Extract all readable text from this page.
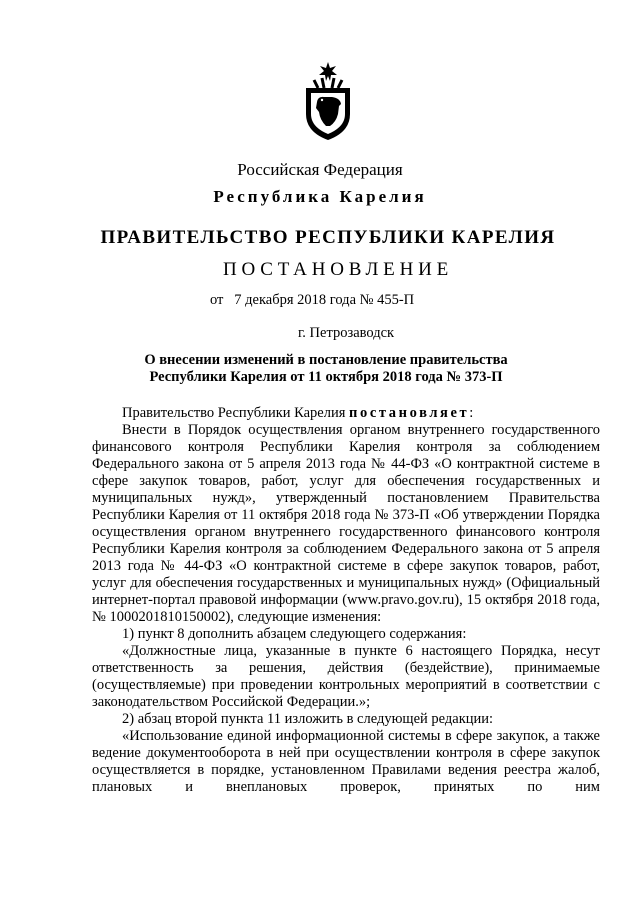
Российская Федерация
Республика Карелия
ПРАВИТЕЛЬСТВО РЕСПУБЛИКИ КАРЕЛИЯ
ПОСТАНОВЛЕНИЕ
от   7 декабря 2018 года № 455-П
г. Петрозаводск
О внесении изменений в постановление правительства
Республики Карелия от 11 октября 2018 года № 373-П

Правительство Республики Карелия постановляет:

Внести в Порядок осуществления органом внутреннего государственного финансового контроля Республики Карелия контроля за соблюдением Федерального закона от 5 апреля 2013 года № 44-ФЗ «О контрактной системе в сфере закупок товаров, работ, услуг для обеспечения государственных и муниципальных нужд», утвержденный постановлением Правительства Республики Карелия от 11 октября 2018 года № 373-П «Об утверждении Порядка осуществления органом внутреннего государственного финансового контроля Республики Карелия контроля за соблюдением Федерального закона от 5 апреля 2013 года № 44-ФЗ «О контрактной системе в сфере закупок товаров, работ, услуг для обеспечения государственных и муниципальных нужд» (Официальный интернет-портал правовой информации (www.pravo.gov.ru), 15 октября 2018 года, № 1000201810150002), следующие изменения:

1) пункт 8 дополнить абзацем следующего содержания:

«Должностные лица, указанные в пункте 6 настоящего Порядка, несут ответственность за решения, действия (бездействие), принимаемые (осуществляемые) при проведении контрольных мероприятий в соответствии с законодательством Российской Федерации.»;

2) абзац второй пункта 11 изложить в следующей редакции:

«Использование единой информационной системы в сфере закупок, а также ведение документооборота в ней при осуществлении контроля в сфере закупок осуществляется в порядке, установленном Правилами ведения реестра жалоб, плановых и внеплановых проверок, принятых по ним
